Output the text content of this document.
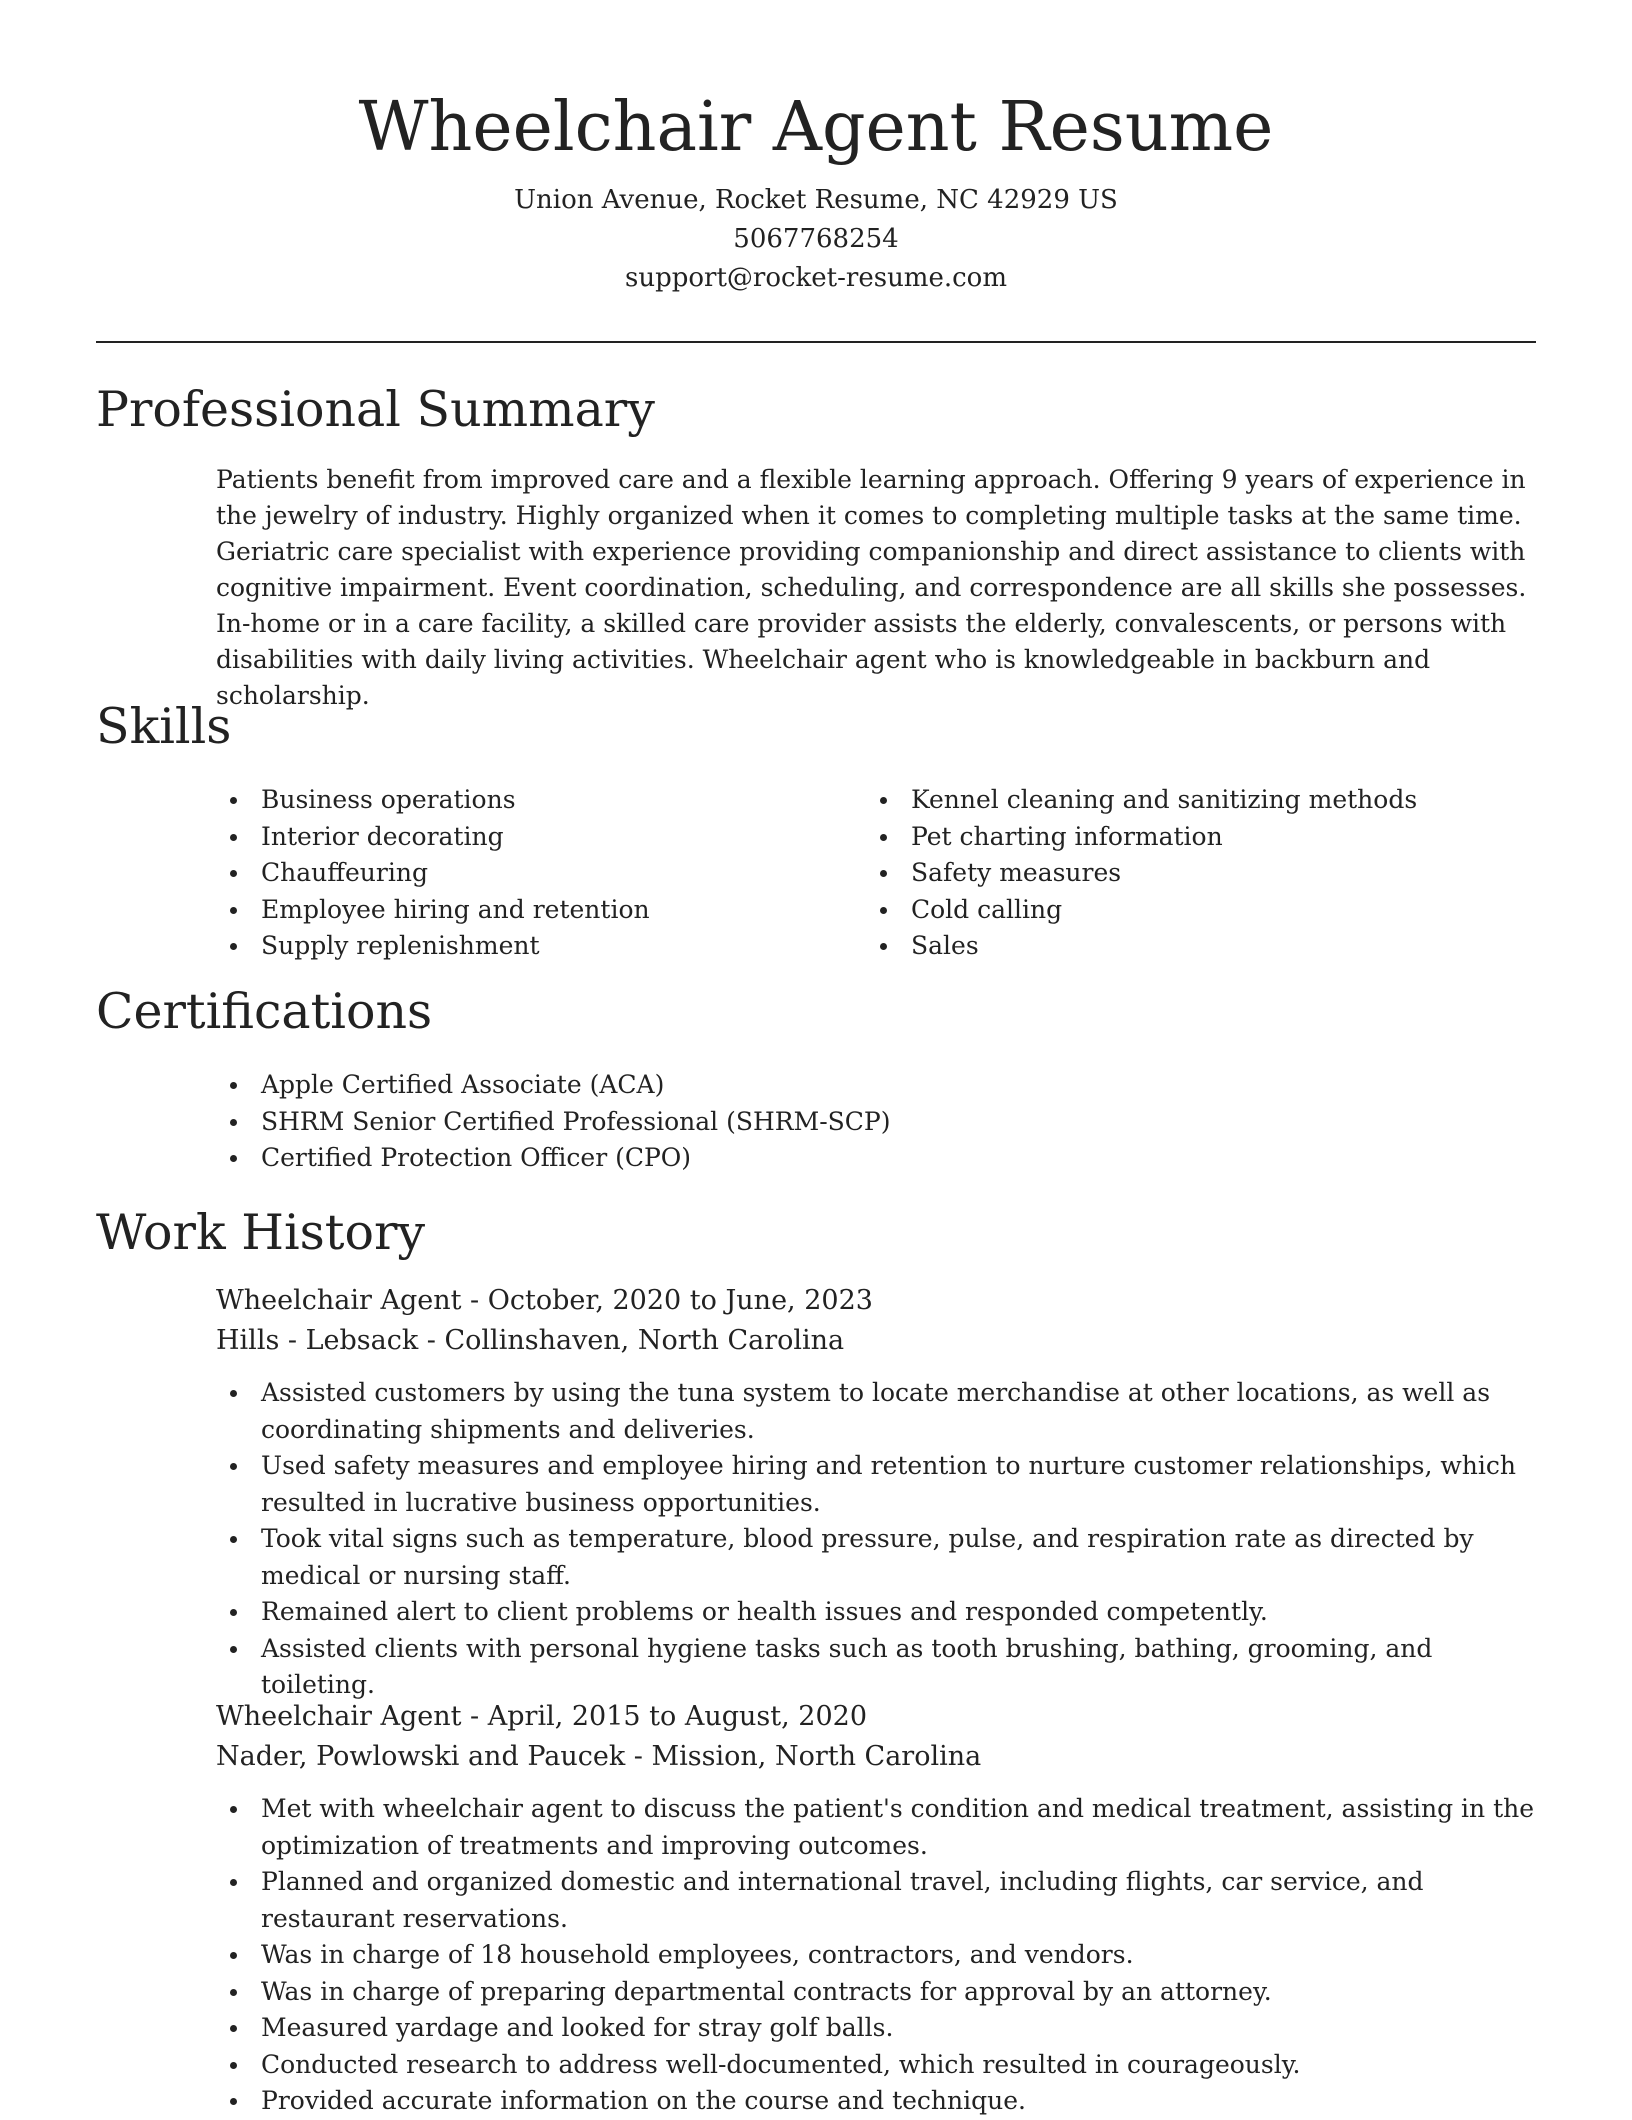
Wheelchair Agent Resume

Union Avenue, Rocket Resume, NC 42929 US

5067768254

support@rocket-resume.com

Professional Summary

Patients benefit from improved care and a flexible learning approach. Offering 9 years of experience in the jewelry of industry. Highly organized when it comes to completing multiple tasks at the same time. Geriatric care specialist with experience providing companionship and direct assistance to clients with cognitive impairment. Event coordination, scheduling, and correspondence are all skills she possesses. In-home or in a care facility, a skilled care provider assists the elderly, convalescents, or persons with disabilities with daily living activities. Wheelchair agent who is knowledgeable in backburn and scholarship.

Skills
Business operations
Interior decorating
Chauffeuring
Employee hiring and retention
Supply replenishment
Kennel cleaning and sanitizing methods
Pet charting information
Safety measures
Cold calling
Sales
Certifications
Apple Certified Associate (ACA)
SHRM Senior Certified Professional (SHRM-SCP)
Certified Protection Officer (CPO)
Work History

Wheelchair Agent - October, 2020 to June, 2023

Hills - Lebsack - Collinshaven, North Carolina

Assisted customers by using the tuna system to locate merchandise at other locations, as well as coordinating shipments and deliveries.
Used safety measures and employee hiring and retention to nurture customer relationships, which resulted in lucrative business opportunities.
Took vital signs such as temperature, blood pressure, pulse, and respiration rate as directed by medical or nursing staff.
Remained alert to client problems or health issues and responded competently.
Assisted clients with personal hygiene tasks such as tooth brushing, bathing, grooming, and toileting.

Wheelchair Agent - April, 2015 to August, 2020

Nader, Powlowski and Paucek - Mission, North Carolina

Met with wheelchair agent to discuss the patient's condition and medical treatment, assisting in the optimization of treatments and improving outcomes.
Planned and organized domestic and international travel, including flights, car service, and restaurant reservations.
Was in charge of 18 household employees, contractors, and vendors.
Was in charge of preparing departmental contracts for approval by an attorney.
Measured yardage and looked for stray golf balls.
Conducted research to address well-documented, which resulted in courageously.
Provided accurate information on the course and technique.
